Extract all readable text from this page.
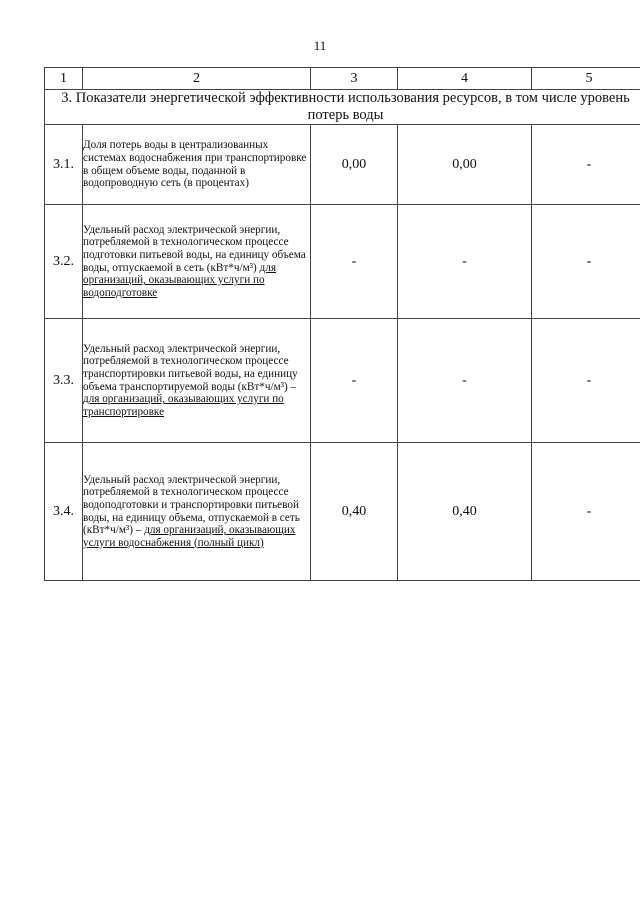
11
1	2	3	4	5
3. Показатели энергетической эффективности использования ресурсов, в том числе уровень потерь воды				
3.1.	Доля потерь воды в централизованных системах водоснабжения при транспортировке в общем объеме воды, поданной в водопроводную сеть (в процентах)	0,00	0,00	-
3.2.	Удельный расход электрической энергии, потребляемой в технологическом процессе подготовки питьевой воды, на единицу объема воды, отпускаемой в сеть (кВт*ч/м³) для организаций, оказывающих услуги по водоподготовке	-	-	-
3.3.	Удельный расход электрической энергии, потребляемой в технологическом процессе транспортировки питьевой воды, на единицу объема транспортируемой воды (кВт*ч/м³) – для организаций, оказывающих услуги по транспортировке	-	-	-
3.4.	Удельный расход электрической энергии, потребляемой в технологическом процессе водоподготовки и транспортировки питьевой воды, на единицу объема, отпускаемой в сеть (кВт*ч/м³) – для организаций, оказывающих услуги водоснабжения (полный цикл)	0,40	0,40	-
